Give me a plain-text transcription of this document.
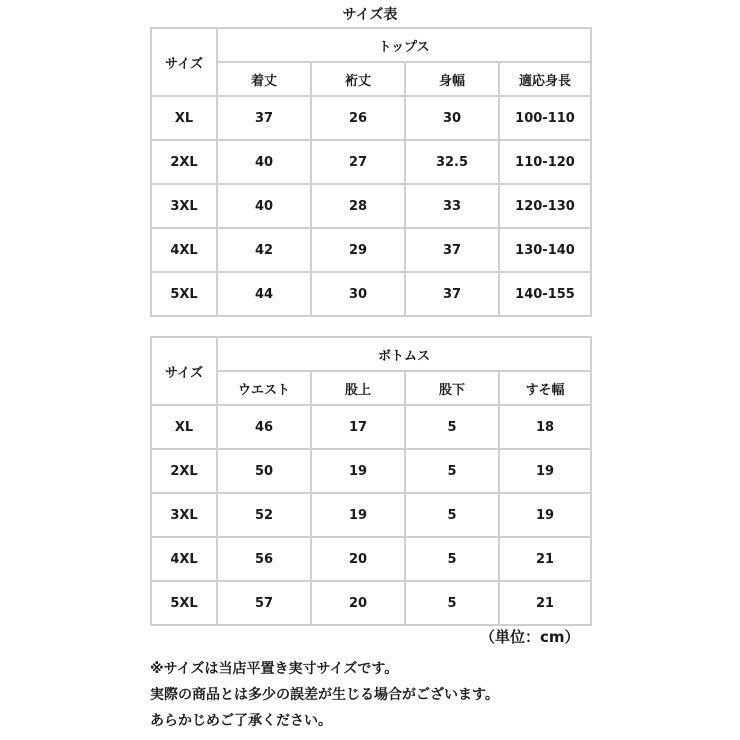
サイズ表
サイズ	トップス			
	着丈	裄丈	身幅	適応身長
XL	37	26	30	100-110
2XL	40	27	32.5	110-120
3XL	40	28	33	120-130
4XL	42	29	37	130-140
5XL	44	30	37	140-155
サイズ	ボトムス			
	ウエスト	股上	股下	すそ幅
XL	46	17	5	18
2XL	50	19	5	19
3XL	52	19	5	19
4XL	56	20	5	21
5XL	57	20	5	21
（単位：cm）
※サイズは当店平置き実寸サイズです。
実際の商品とは多少の誤差が生じる場合がございます。
あらかじめご了承ください。
